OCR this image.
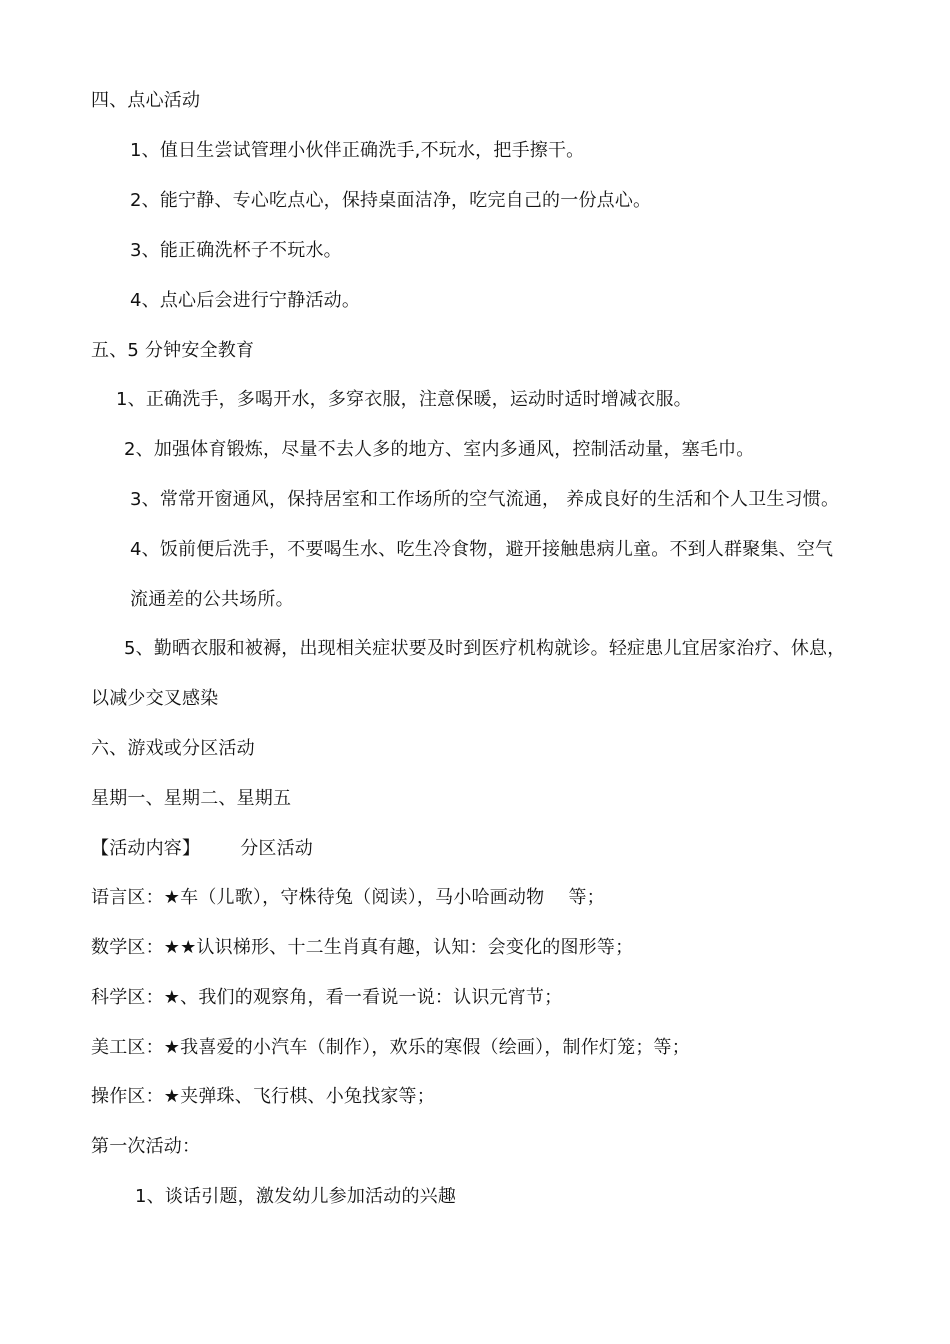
四、点心活动
1、值日生尝试管理小伙伴正确洗手,不玩水，把手擦干。
2、能宁静、专心吃点心，保持桌面洁净，吃完自己的一份点心。
3、能正确洗杯子不玩水。
4、点心后会进行宁静活动。
五、5 分钟安全教育
1、正确洗手，多喝开水，多穿衣服，注意保暖，运动时适时增减衣服。
2、加强体育锻炼，尽量不去人多的地方、室内多通风，控制活动量，塞毛巾。
3、常常开窗通风，保持居室和工作场所的空气流通， 养成良好的生活和个人卫生习惯。
4、饭前便后洗手，不要喝生水、吃生冷食物，避开接触患病儿童。不到人群聚集、空气
流通差的公共场所。
5、勤晒衣服和被褥，出现相关症状要及时到医疗机构就诊。轻症患儿宜居家治疗、休息，
以减少交叉感染
六、游戏或分区活动
星期一、星期二、星期五
【活动内容】 分区活动
语言区：★车（儿歌），守株待兔（阅读），马小哈画动物　 等；
数学区：★★认识梯形、十二生肖真有趣，认知：会变化的图形等；
科学区：★、我们的观察角，看一看说一说：认识元宵节；
美工区：★我喜爱的小汽车（制作），欢乐的寒假（绘画），制作灯笼；等；
操作区：★夹弹珠、飞行棋、小兔找家等；
第一次活动：
1、谈话引题，激发幼儿参加活动的兴趣
